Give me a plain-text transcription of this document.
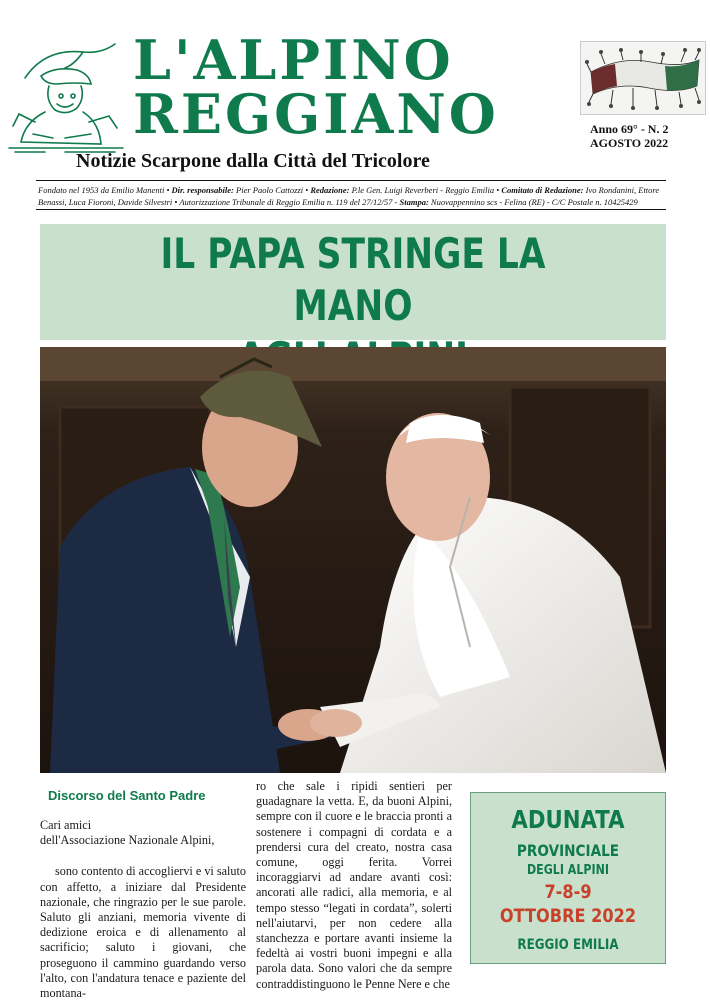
L'ALPINO
REGGIANO	Anno 69° - N. 2
AGOSTO 2022
Notizie Scarpone dalla Città del Tricolore
Fondato nel 1953 da Emilio Manenti • Dir. responsabile: Pier Paolo Cattozzi • Redazione: P.le Gen. Luigi Reverberi - Reggio Emilia • Comitato di Redazione: Ivo Rondanini, Ettore Benassi, Luca Fioroni, Davide Silvestri • Autorizzazione Tribunale di Reggio Emilia n. 119 del 27/12/57 - Stampa: Nuovappennino scs - Felina (RE) - C/C Postale n. 10425429
IL PAPA STRINGE LA MANO
Discorso del Santo Padre

Cari amici
dell'Associazione Nazionale Alpini,

sono contento di accogliervi e vi saluto con affetto, a iniziare dal Presidente nazionale, che ringrazio per le sue parole. Saluto gli anziani, memoria vivente di dedizione eroica e di allenamento al sacrificio; saluto i giovani, che proseguono il cammino guardando verso l'alto, con l'andatura tenace e paziente del montana-

ro che sale i ripidi sentieri per guadagnare la vetta. E, da buoni Alpini, sempre con il cuore e le braccia pronti a sostenere i compagni di cordata e a prendersi cura del creato, nostra casa comune, oggi ferita. Vorrei incoraggiarvi ad andare avanti così: ancorati alle radici, alla memoria, e al tempo stesso “legati in cordata”, solerti nell'aiutarvi, per non cedere alla stanchezza e portare avanti insieme la fedeltà ai vostri buoni impegni e alla parola data. Sono valori che da sempre contraddistinguono le Penne Nere e che

ADUNATA
PROVINCIALE
DEGLI ALPINI
7-8-9
OTTOBRE 2022
REGGIO EMILIA
